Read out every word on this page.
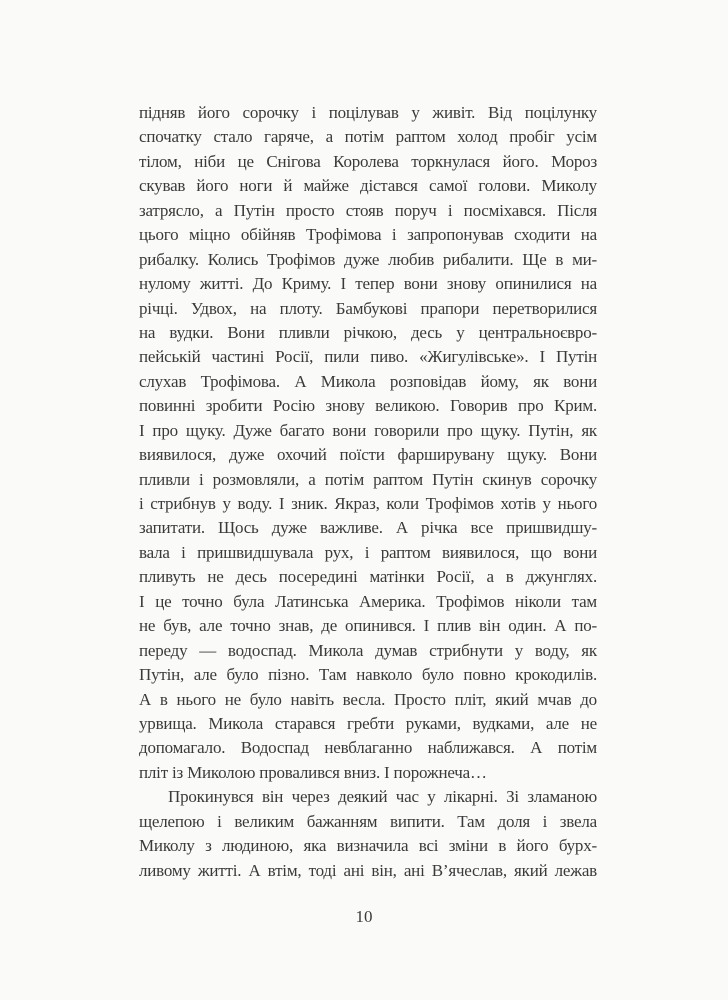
підняв його сорочку і поцілував у живіт. Від поцілунку
спочатку стало гаряче, а потім раптом холод пробіг усім
тілом, ніби це Снігова Королева торкнулася його. Мороз
скував його ноги й майже дістався самої голови. Миколу
затрясло, а Путін просто стояв поруч і посміхався. Після
цього міцно обійняв Трофімова і запропонував сходити на
рибалку. Колись Трофімов дуже любив рибалити. Ще в ми-
нулому житті. До Криму. І тепер вони знову опинилися на
річці. Удвох, на плоту. Бамбукові прапори перетворилися
на вудки. Вони пливли річкою, десь у центральноєвро-
пейській частині Росії, пили пиво. «Жигулівське». І Путін
слухав Трофімова. А Микола розповідав йому, як вони
повинні зробити Росію знову великою. Говорив про Крим.
І про щуку. Дуже багато вони говорили про щуку. Путін, як
виявилося, дуже охочий поїсти фарширувану щуку. Вони
пливли і розмовляли, а потім раптом Путін скинув сорочку
і стрибнув у воду. І зник. Якраз, коли Трофімов хотів у нього
запитати. Щось дуже важливе. А річка все пришвидшу-
вала і пришвидшувала рух, і раптом виявилося, що вони
пливуть не десь посередині матінки Росії, а в джунглях.
І це точно була Латинська Америка. Трофімов ніколи там
не був, але точно знав, де опинився. І плив він один. А по-
переду — водоспад. Микола думав стрибнути у воду, як
Путін, але було пізно. Там навколо було повно крокодилів.
А в нього не було навіть весла. Просто пліт, який мчав до
урвища. Микола старався гребти руками, вудками, але не
допомагало. Водоспад невблаганно наближався. А потім
пліт із Миколою провалився вниз. І порожнеча…
Прокинувся він через деякий час у лікарні. Зі зламаною
щелепою і великим бажанням випити. Там доля і звела
Миколу з людиною, яка визначила всі зміни в його бурх-
ливому житті. А втім, тоді ані він, ані В’ячеслав, який лежав
10
